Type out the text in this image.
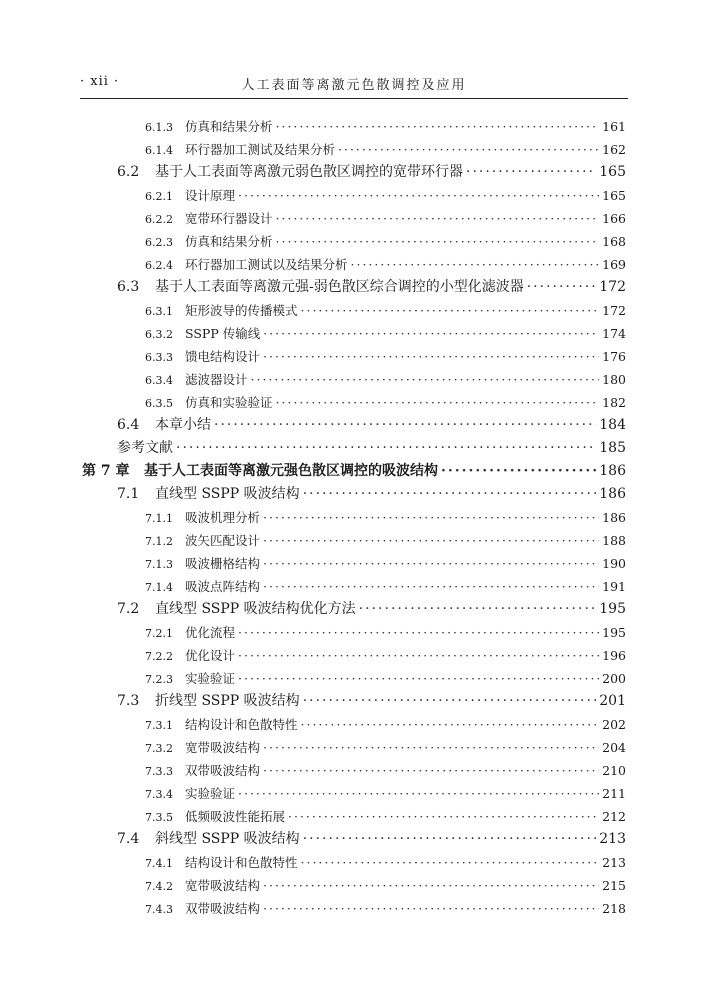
· xii ·	人工表面等离激元色散调控及应用
6.1.3 仿真和结果分析 ·····	161
6.1.4 环行器加工测试及结果分析 ·····	162
6.2	基于人工表面等离激元弱色散区调控的宽带环行器 ·····	165
6.2.1 设计原理 ·····	165
6.2.2 宽带环行器设计 ·····	166
6.2.3 仿真和结果分析 ·····	168
6.2.4 环行器加工测试以及结果分析 ·····	169
6.3	基于人工表面等离激元强-弱色散区综合调控的小型化滤波器 ·····	172
6.3.1 矩形波导的传播模式 ·····	172
6.3.2 SSPP 传输线 ·····	174
6.3.3 馈电结构设计 ·····	176
6.3.4 滤波器设计 ·····	180
6.3.5 仿真和实验验证 ·····	182
6.4	本章小结 ·····	184
参考文献 ·····	185
第 7 章	基于人工表面等离激元强色散区调控的吸波结构 ·····	186
7.1	直线型 SSPP 吸波结构 ·····	186
7.1.1 吸波机理分析 ·····	186
7.1.2 波矢匹配设计 ·····	188
7.1.3 吸波栅格结构 ·····	190
7.1.4 吸波点阵结构 ·····	191
7.2	直线型 SSPP 吸波结构优化方法 ·····	195
7.2.1 优化流程 ·····	195
7.2.2 优化设计 ·····	196
7.2.3 实验验证 ·····	200
7.3	折线型 SSPP 吸波结构 ·····	201
7.3.1 结构设计和色散特性 ·····	202
7.3.2 宽带吸波结构 ·····	204
7.3.3 双带吸波结构 ·····	210
7.3.4 实验验证 ·····	211
7.3.5 低频吸波性能拓展 ·····	212
7.4	斜线型 SSPP 吸波结构 ·····	213
7.4.1 结构设计和色散特性 ·····	213
7.4.2 宽带吸波结构 ·····	215
7.4.3 双带吸波结构 ·····	218
